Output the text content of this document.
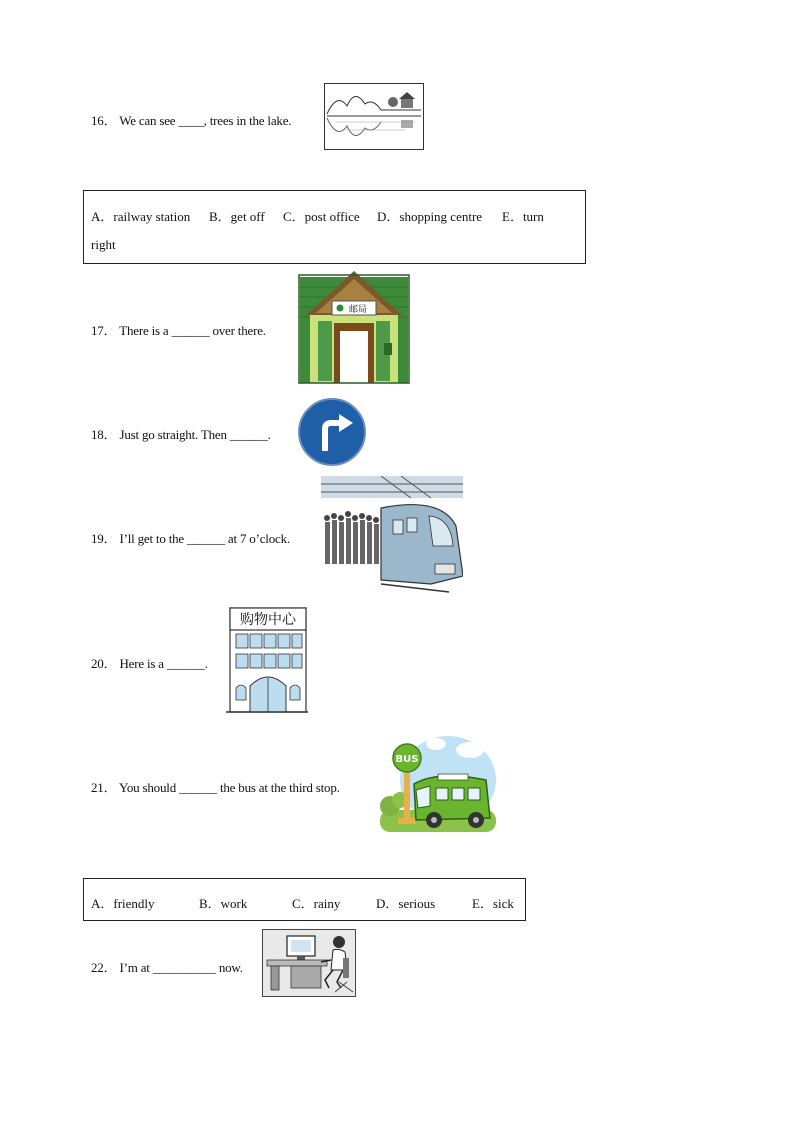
16． We can see ____, trees in the lake.
A．railway station B．get off C．post office D．shopping centre E．turn
right
17． There is a ______ over there.
邮局
18． Just go straight. Then ______.
19． I’ll get to the ______ at 7 o’clock.
20． Here is a ______.
购物中心
21． You should ______ the bus at the third stop.
BUS
A．friendly	B．work	C．rainy	D．serious	E．sick
22． I’m at __________ now.
